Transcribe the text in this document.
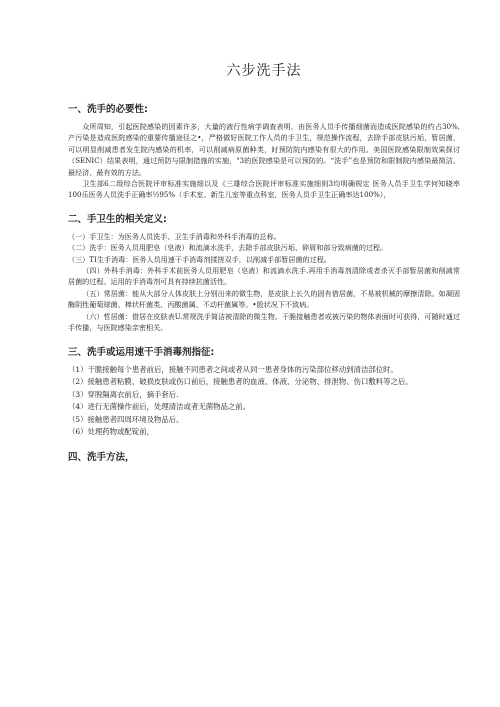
六步洗手法
一、洗手的必要性:

众所周知，引起医院感染的因素许多，大量的液行性病学调查表明，由医务人员手传播细菌而造成医院感染的约占30%,产污染是造成医院感染的重要传播途径之•，严格做好医院工作人员的手卫生，规范操作流程，去除手部皮肤污垢，暂居菌，可以明显削减患者发生院内感染的机率，可以削减病原菌种类，时预防院内感染有很大的作用。美国医院感染限制效果探讨（SENIC）结果表明，通过预防与限制措施的实施，"3的医院感染是可以预防的。“洗手”也是预防和限制院内感染最简洁、最经济、最有效的方法。

卫生部6二级综合医院评审标准实施细以及《三雄综合医院评审标准实施细则3均明确规定 医务人员手卫生学何知晓率100乐医务人员洗手正确率½95%（手术室、新生儿室等重点科室，医务人员手卫生正确率达100%），

二、手卫生的相关定义:

（一）手卫生：为医务人员洗手、卫生手消毒和外科手消毒的总称。

（二）洗手：医务人员用肥皂（皂液）和流滴水洗手，去除手部皮肤污垢、碎屑和部分致病菌的过程。

（三）TI生手消毒：医务人员用速干手消毒剂揉搓双手，以削减手部暂居菌的过程。

（四）外科手消毒：外科手术前医务人员用肥皂（皂液）和流滴水洗手.再用手消毒剂清除或者杀灭手部暂居菌和削减常居菌的过程。运用的手消毒剂可具有持续抗菌活性。

（五）常居菌：能从大部分人体皮肤上分别出来的微生物，是皮肤上长久的固有借居菌，不易被机械的摩擦清除。如凝固酶阴性葡萄球菌、棒状杆菌类、丙酸菌属、不动杆菌属等。•股状况下不致病。

（六）哲居菌：借居在皮肤表U.常规洗手简洁被清除的微生物。干脆接触患者或被污染的物体表面时可获得，可随时通过手传播，与医院感染亲密相关。

三、洗手或运用速干手消毒剂指征:

（1）干脆接触每个患者前后，接触不同患者之间或者从同一患者身体的污染部位移动到清洁部位时。

（2）接触患者粘膜、破损皮肤或伤口前后，接触患者的血液、体液、分泌物、排泄物、伤口敷料等之后。

（3）穿脱隔离衣前后，摘手套后.

（4）进行无菌操作前后，处理清洁或者无菌物品之前。

（5）接触患者四周环境及物品后。

（6）处理药物或配锭前，

四、洗手方法，
